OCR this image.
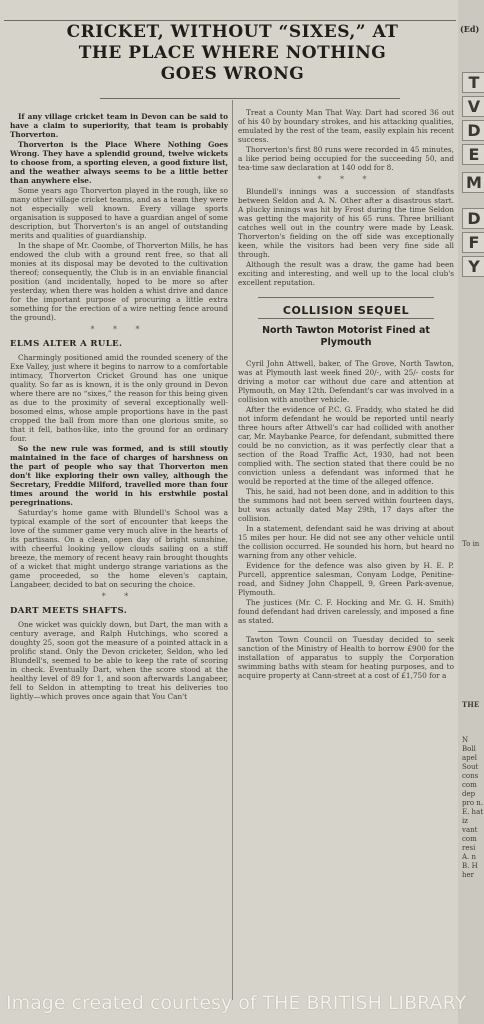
CRICKET, WITHOUT “SIXES,” AT
THE PLACE WHERE NOTHING
GOES WRONG

If any village cricket team in Devon can be said to have a claim to superiority, that team is probably Thorverton.

Thorverton is the Place Where Nothing Goes Wrong. They have a splendid ground, twelve wickets to choose from, a sporting eleven, a good fixture list, and the weather always seems to be a little better than anywhere else.

Some years ago Thorverton played in the rough, like so many other village cricket teams, and as a team they were not especially well known. Every village sports organisation is supposed to have a guardian angel of some description, but Thorverton's is an angel of outstanding merits and qualities of guardianship.

In the shape of Mr. Coombe, of Thorverton Mills, he has endowed the club with a ground rent free, so that all monies at its disposal may be devoted to the cultivation thereof; consequently, the Club is in an enviable financial position (and incidentally, hoped to be more so after yesterday, when there was holden a whist drive and dance for the important purpose of procuring a little extra something for the erection of a wire netting fence around the ground).

* * *
ELMS ALTER A RULE.

Charmingly positioned amid the rounded scenery of the Exe Valley, just where it begins to narrow to a comfortable intimacy, Thorverton Cricket Ground has one unique quality. So far as is known, it is the only ground in Devon where there are no “sixes,” the reason for this being given as due to the proximity of several exceptionally well-bosomed elms, whose ample proportions have in the past cropped the ball from more than one glorious smite, so that it fell, bathos-like, into the ground for an ordinary four.

So the new rule was formed, and is still stoutly maintained in the face of charges of harshness on the part of people who say that Thorverton men don't like exploring their own valley, although the Secretary, Freddie Milford, travelled more than four times around the world in his erstwhile postal peregrinations.

Saturday's home game with Blundell's School was a typical example of the sort of encounter that keeps the love of the summer game very much alive in the hearts of its partisans. On a clean, open day of bright sunshine, with cheerful looking yellow clouds sailing on a stiff breeze, the memory of recent heavy rain brought thoughts of a wicket that might undergo strange variations as the game proceeded, so the home eleven's captain, Langabeer, decided to bat on securing the choice.

* *
DART MEETS SHAFTS.

One wicket was quickly down, but Dart, the man with a century average, and Ralph Hutchings, who scored a doughty 25, soon got the measure of a pointed attack in a prolific stand. Only the Devon cricketer, Seldon, who led Blundell's, seemed to be able to keep the rate of scoring in check. Eventually Dart, when the score stood at the healthy level of 89 for 1, and soon afterwards Langabeer, fell to Seldon in attempting to treat his deliveries too lightly—which proves once again that You Can't

Treat a County Man That Way. Dart had scored 36 out of his 40 by boundary strokes, and his attacking qualities, emulated by the rest of the team, easily explain his recent success.

Thorverton's first 80 runs were recorded in 45 minutes, a like period being occupied for the succeeding 50, and tea-time saw declaration at 140 odd for 8.

* * *

Blundell's innings was a succession of standfasts between Seldon and A. N. Other after a disastrous start. A plucky innings was hit by Frost during the time Seldon was getting the majority of his 65 runs. Three brilliant catches well out in the country were made by Leask. Thorverton's fielding on the off side was exceptionally keen, while the visitors had been very fine side all through.

Although the result was a draw, the game had been exciting and interesting, and well up to the local club's excellent reputation.

COLLISION SEQUEL
North Tawton Motorist Fined at
Plymouth

Cyril John Attwell, baker, of The Grove, North Tawton, was at Plymouth last week fined 20/-, with 25/- costs for driving a motor car without due care and attention at Plymouth, on May 12th. Defendant's car was involved in a collision with another vehicle.

After the evidence of P.C. G. Fraddy, who stated he did not inform defendant he would be reported until nearly three hours after Attwell's car had collided with another car, Mr. Maybanke Pearce, for defendant, submitted there could be no conviction, as it was perfectly clear that a section of the Road Traffic Act, 1930, had not been complied with. The section stated that there could be no conviction unless a defendant was informed that he would be reported at the time of the alleged offence.

This, he said, had not been done, and in addition to this the summons had not been served within fourteen days, but was actually dated May 29th, 17 days after the collision.

In a statement, defendant said he was driving at about 15 miles per hour. He did not see any other vehicle until the collision occurred. He sounded his horn, but heard no warning from any other vehicle.

Evidence for the defence was also given by H. E. P. Purcell, apprentice salesman, Conyam Lodge, Penitine-road, and Sidney John Chappell, 9, Green Park-avenue, Plymouth.

The justices (Mr. C. F. Hocking and Mr. G. H. Smith) found defendant had driven carelessly, and imposed a fine as stated.

Tawton Town Council on Tuesday decided to seek sanction of the Ministry of Health to borrow £900 for the installation of apparatus to supply the Corporation swimming baths with steam for heating purposes, and to acquire property at Cann-street at a cost of £1,750 for a

(Ed)
T
V
D
E
M
D
F
Y
To in
THE
N Boll apel Sout cons com dep pro n. E. hat iz vant com resi A. n B. H her
Image created courtesy of THE BRITISH LIBRARY
